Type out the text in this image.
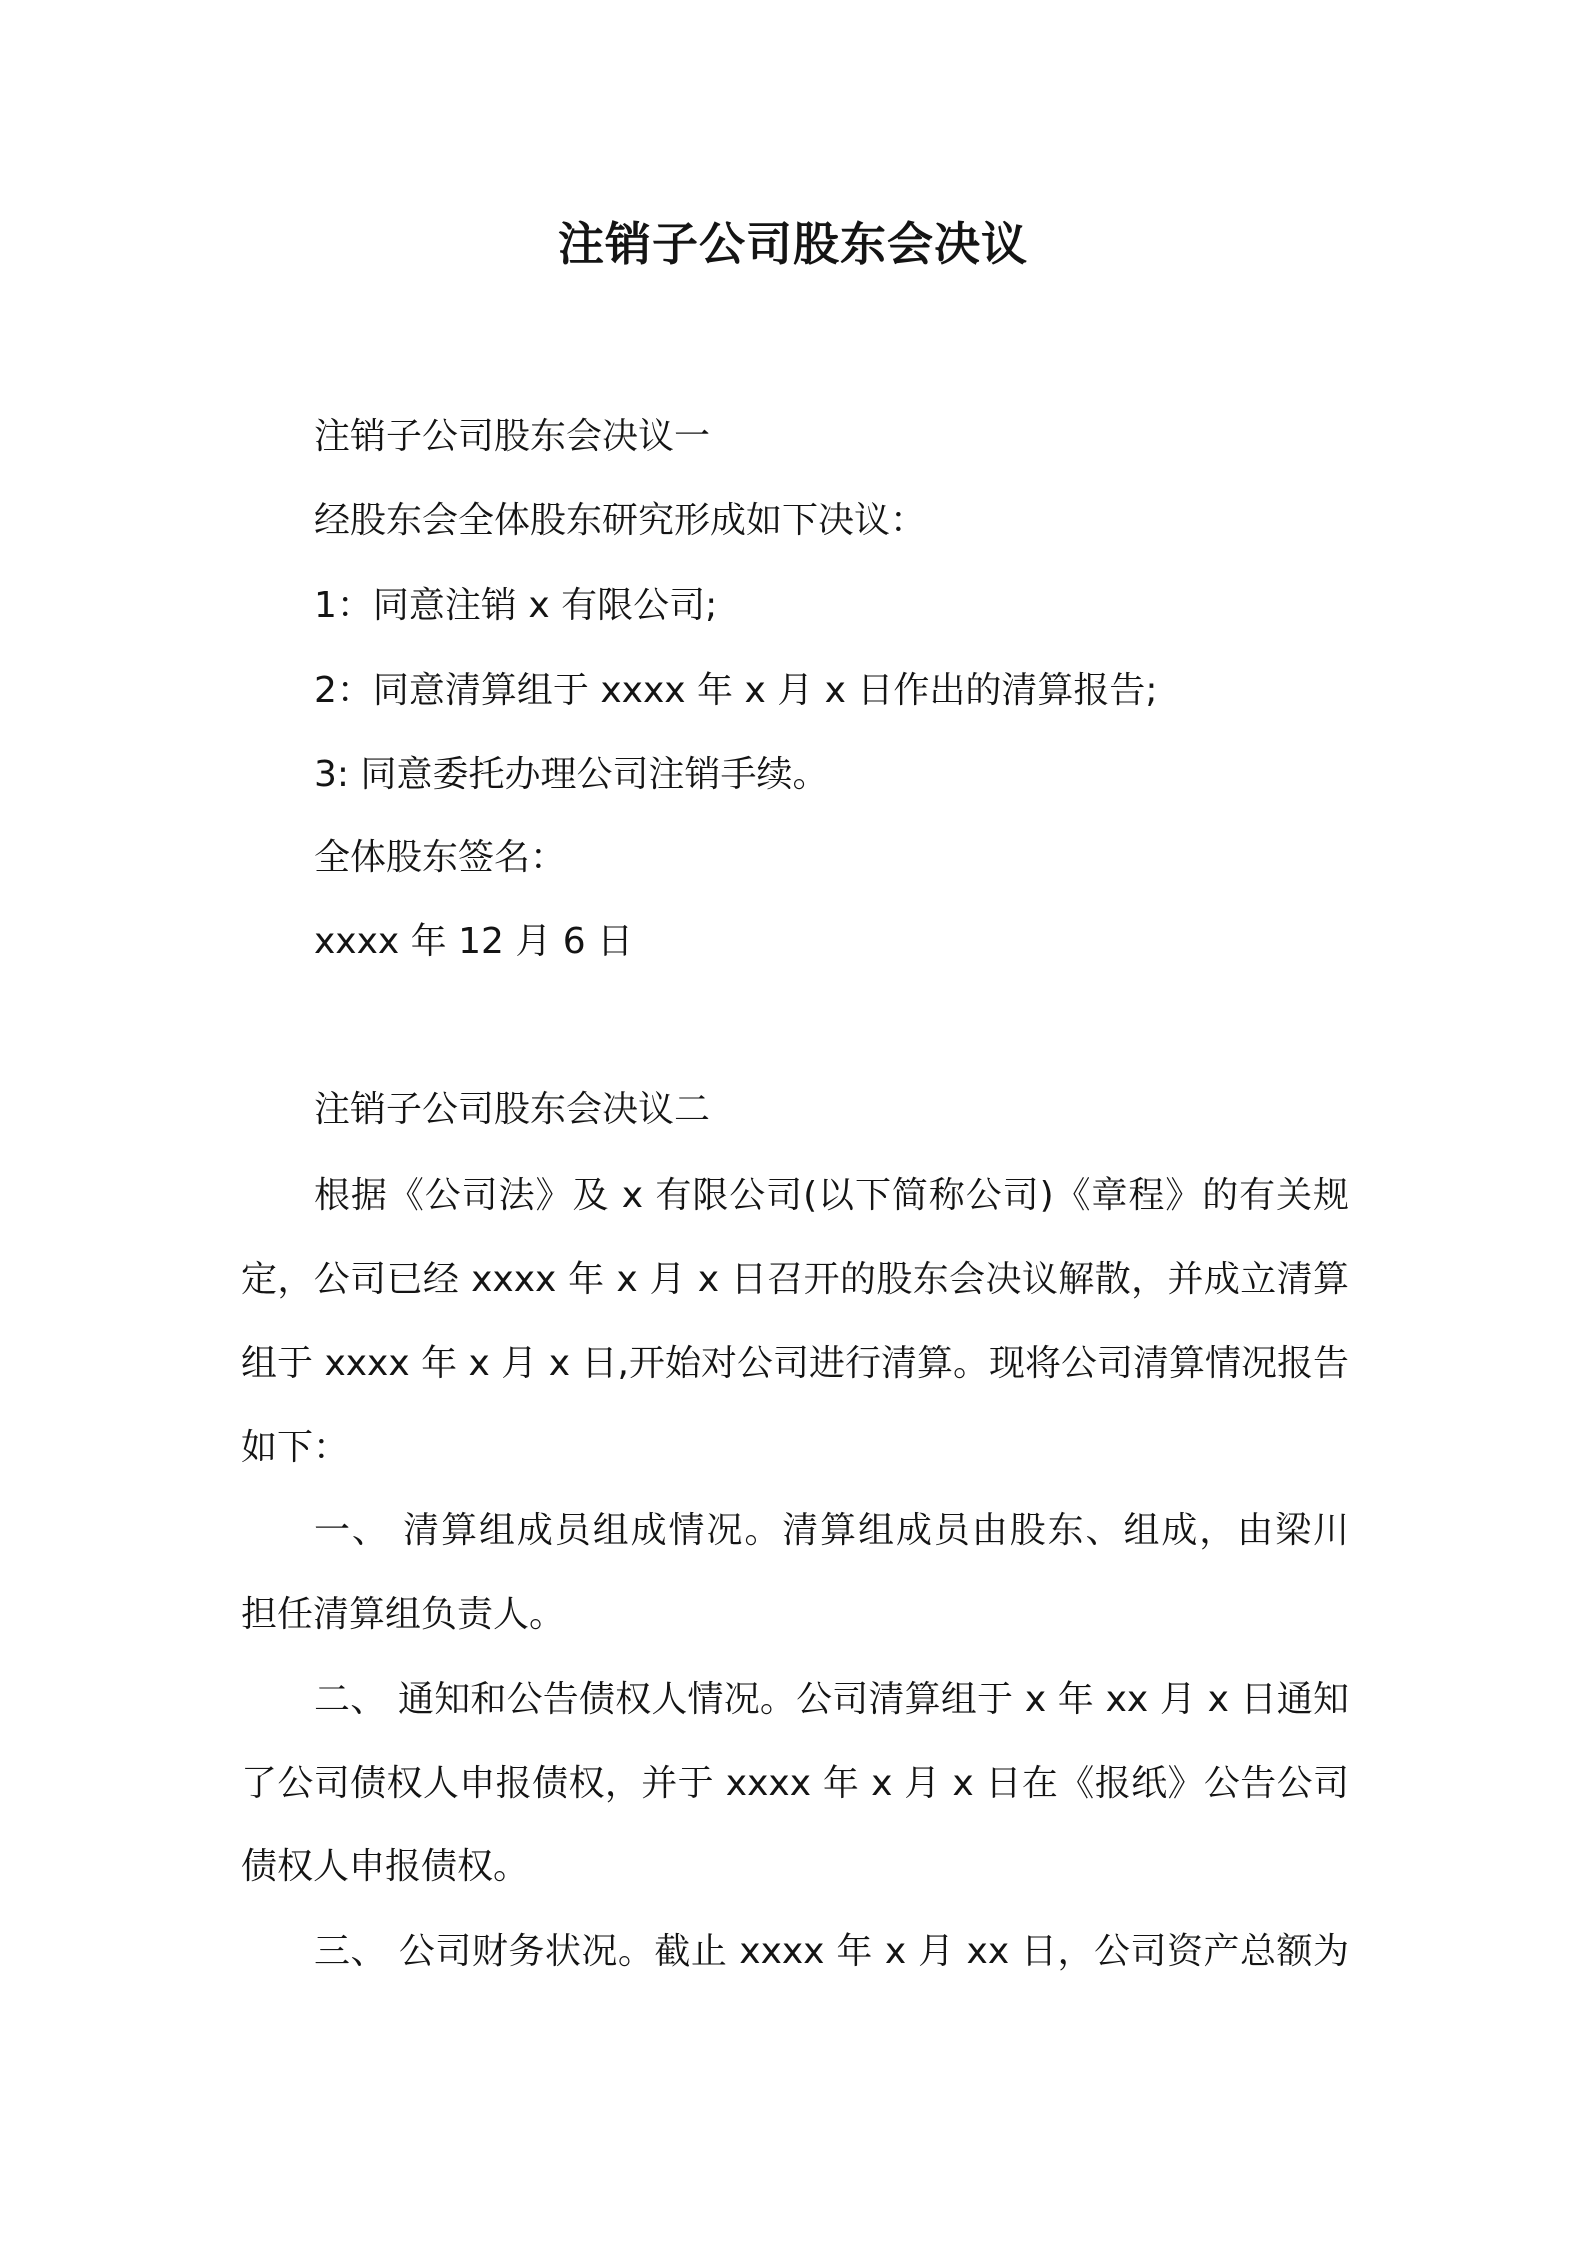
注销子公司股东会决议
注销子公司股东会决议一
经股东会全体股东研究形成如下决议：
1：同意注销 x 有限公司;
2：同意清算组于 xxxx 年 x 月 x 日作出的清算报告;
3: 同意委托办理公司注销手续。
全体股东签名：
xxxx 年 12 月 6 日
注销子公司股东会决议二
根据《公司法》及 x 有限公司(以下简称公司)《章程》的有关规
定，公司已经 xxxx 年 x 月 x 日召开的股东会决议解散，并成立清算
组于 xxxx 年 x 月 x 日,开始对公司进行清算。现将公司清算情况报告
如下：
一、 清算组成员组成情况。清算组成员由股东、组成，由梁川
担任清算组负责人。
二、 通知和公告债权人情况。公司清算组于 x 年 xx 月 x 日通知
了公司债权人申报债权，并于 xxxx 年 x 月 x 日在《报纸》公告公司
债权人申报债权。
三、 公司财务状况。截止 xxxx 年 x 月 xx 日，公司资产总额为
